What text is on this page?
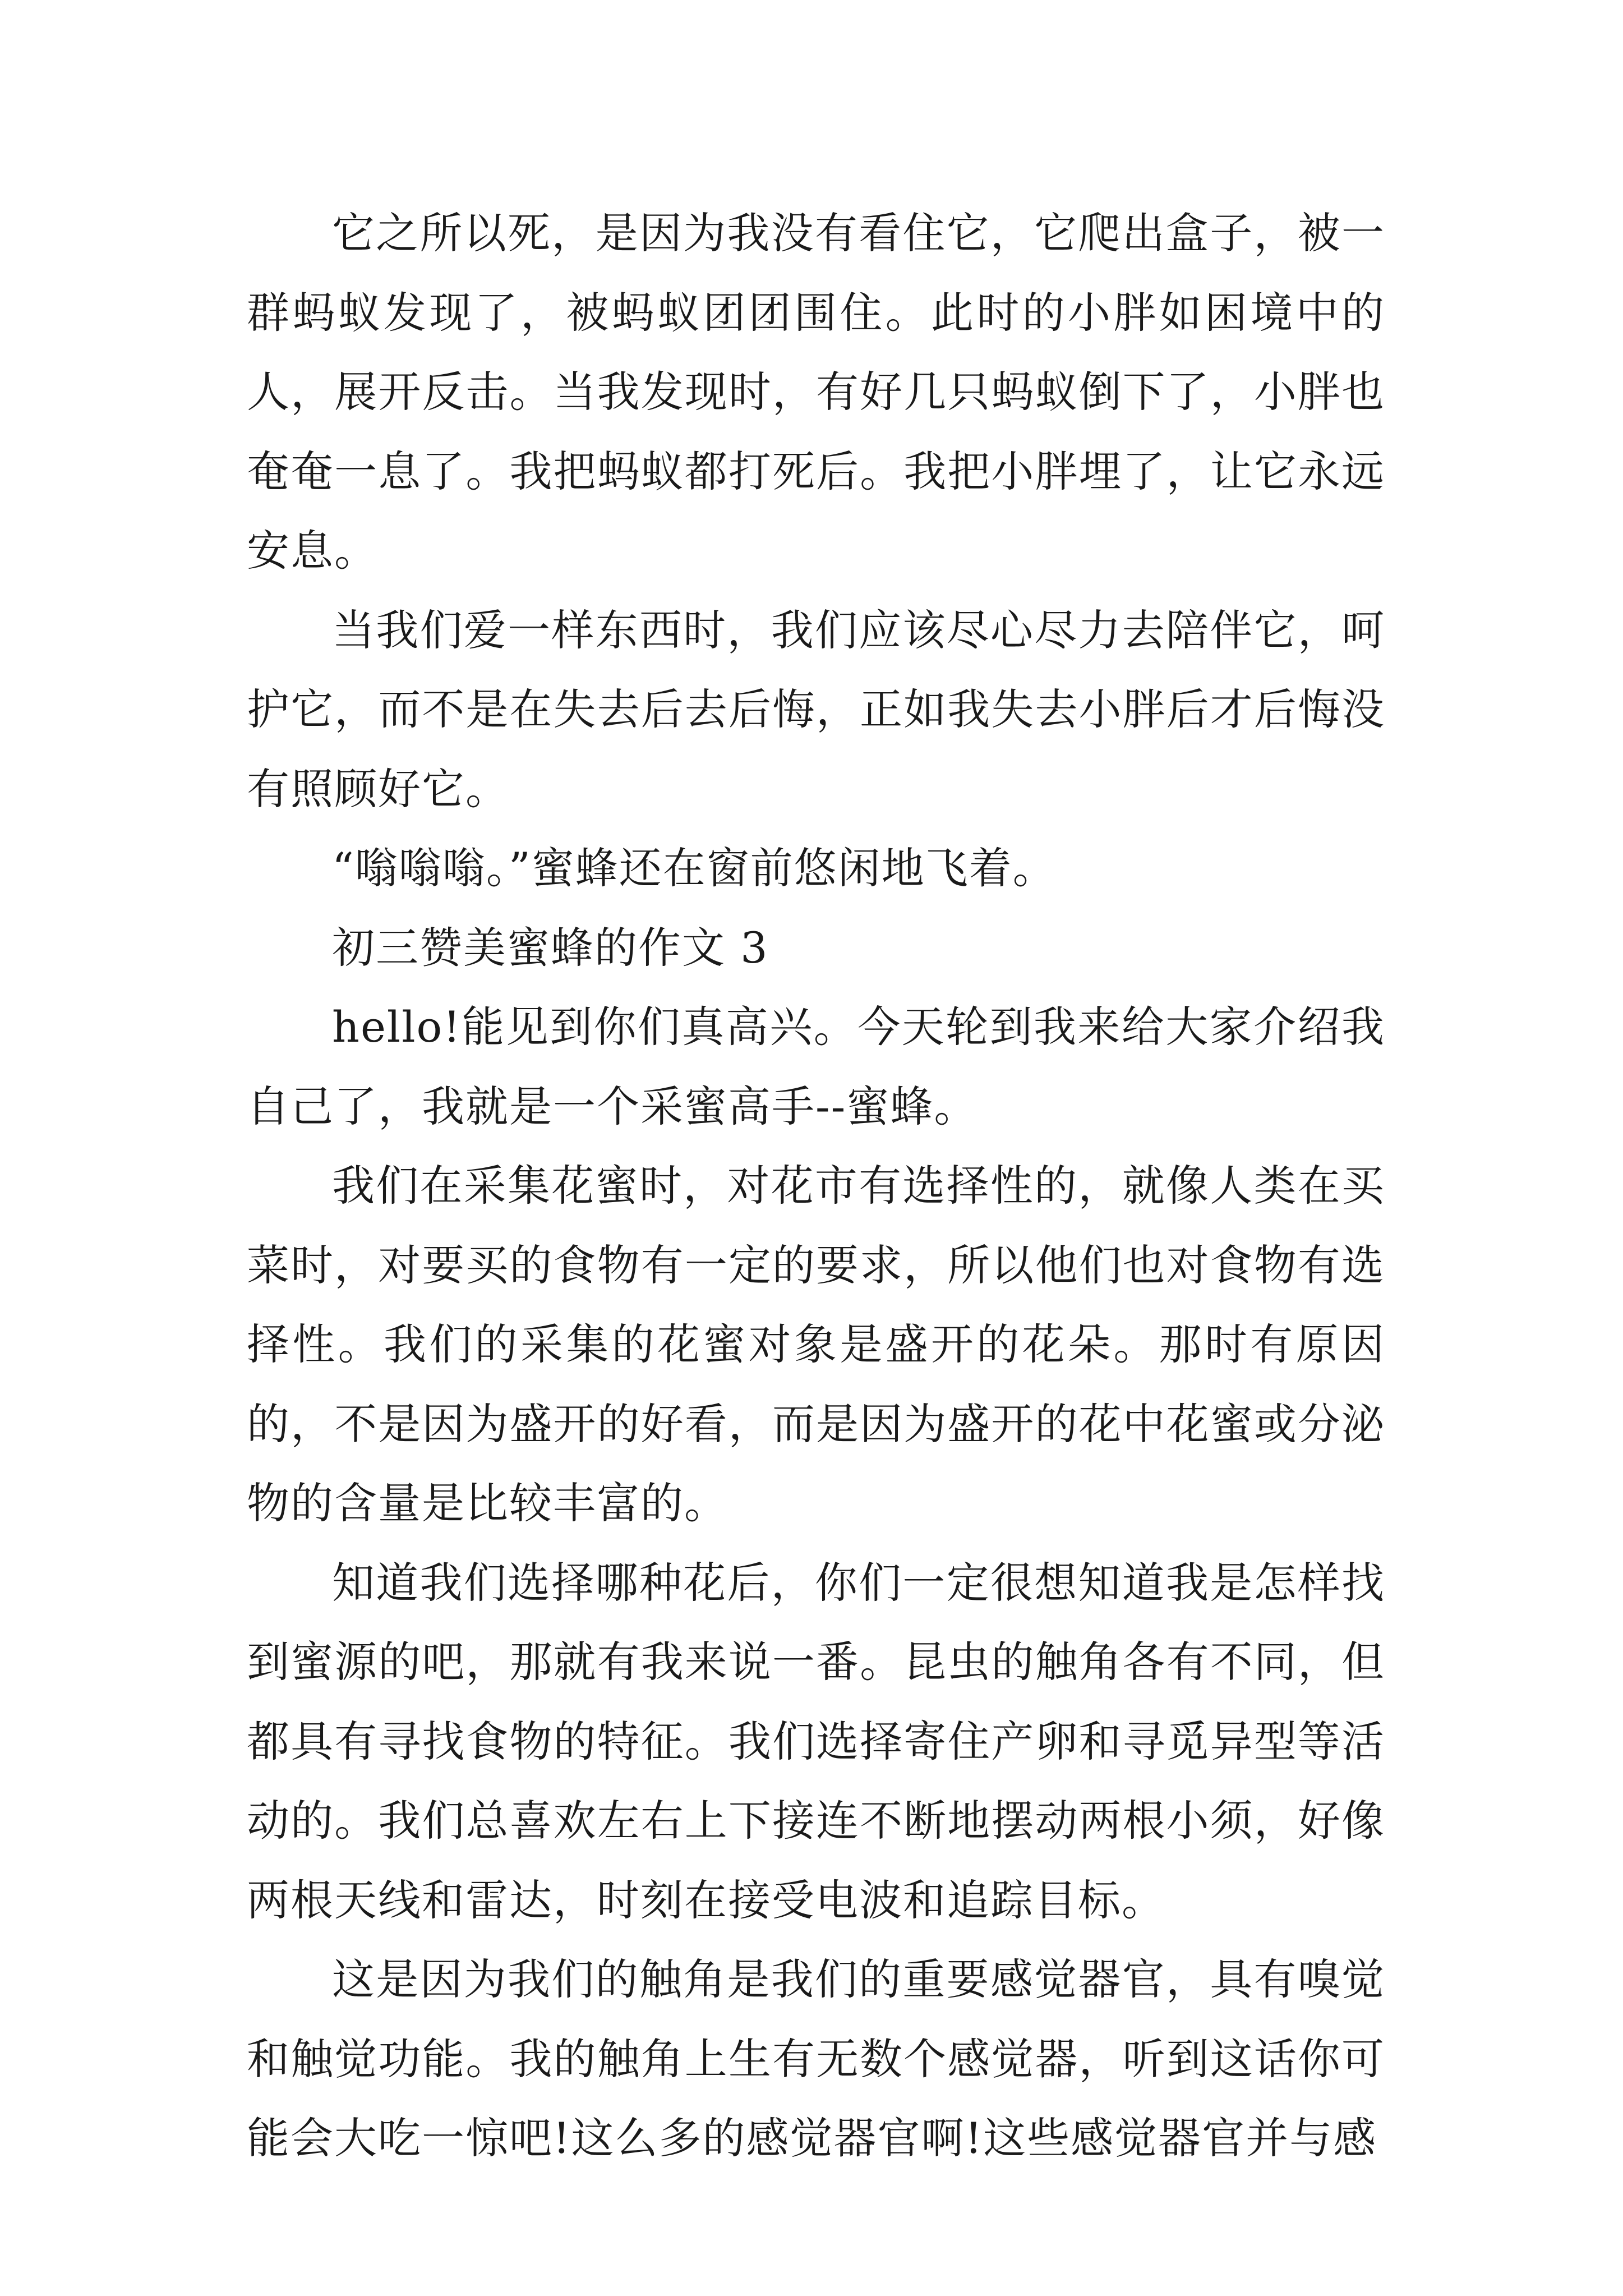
它之所以死，是因为我没有看住它，它爬出盒子，被一群蚂蚁发现了，被蚂蚁团团围住。此时的小胖如困境中的人，展开反击。当我发现时，有好几只蚂蚁倒下了，小胖也奄奄一息了。我把蚂蚁都打死后。我把小胖埋了，让它永远安息。

当我们爱一样东西时，我们应该尽心尽力去陪伴它，呵护它，而不是在失去后去后悔，正如我失去小胖后才后悔没有照顾好它。

“嗡嗡嗡。”蜜蜂还在窗前悠闲地飞着。

初三赞美蜜蜂的作文 3

hello!能见到你们真高兴。今天轮到我来给大家介绍我自己了，我就是一个采蜜高手--蜜蜂。

我们在采集花蜜时，对花市有选择性的，就像人类在买菜时，对要买的食物有一定的要求，所以他们也对食物有选择性。我们的采集的花蜜对象是盛开的花朵。那时有原因的，不是因为盛开的好看，而是因为盛开的花中花蜜或分泌物的含量是比较丰富的。

知道我们选择哪种花后，你们一定很想知道我是怎样找到蜜源的吧，那就有我来说一番。昆虫的触角各有不同，但都具有寻找食物的特征。我们选择寄住产卵和寻觅异型等活动的。我们总喜欢左右上下接连不断地摆动两根小须，好像两根天线和雷达，时刻在接受电波和追踪目标。

这是因为我们的触角是我们的重要感觉器官，具有嗅觉和触觉功能。我的触角上生有无数个感觉器，听到这话你可能会大吃一惊吧!这么多的感觉器官啊!这些感觉器官并与感
